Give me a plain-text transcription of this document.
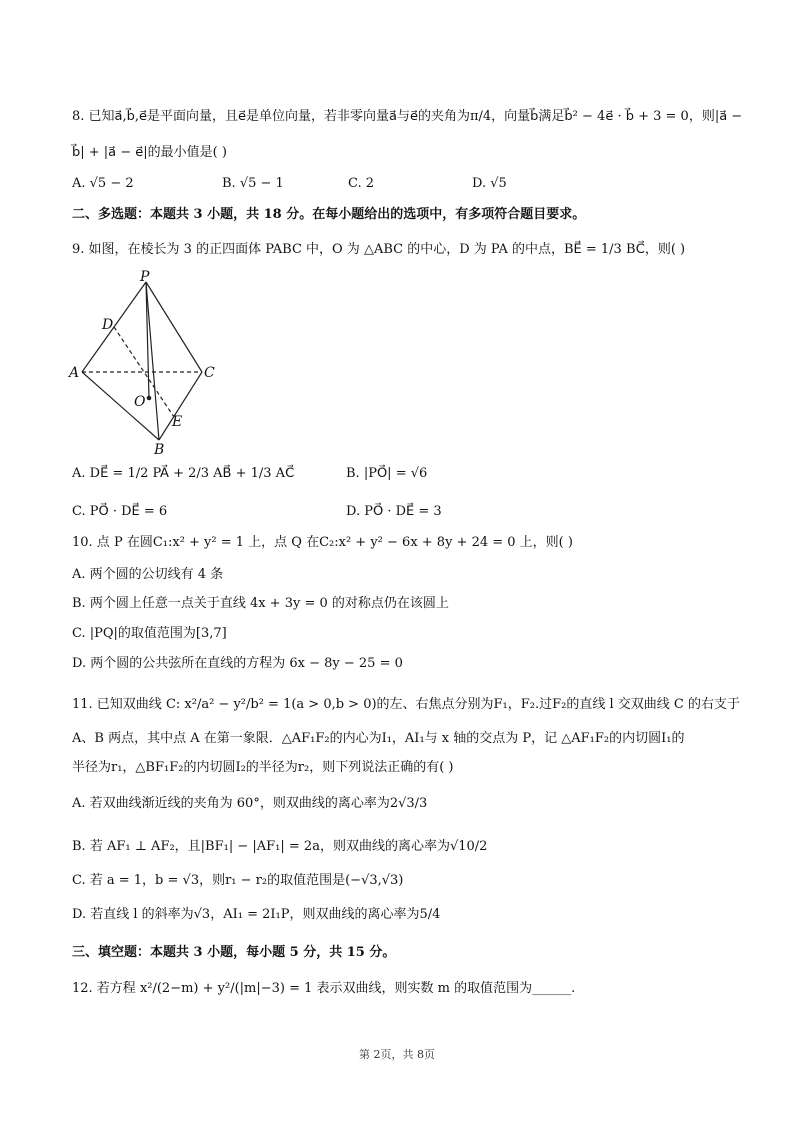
8. 已知a⃗,b⃗,e⃗是平面向量，且e⃗是单位向量，若非零向量a⃗与e⃗的夹角为π/4，向量b⃗满足b⃗² − 4e⃗ · b⃗ + 3 = 0，则|a⃗ −
b⃗| + |a⃗ − e⃗|的最小值是( )
A. √5 − 2	B. √5 − 1	C. 2	D. √5
二、多选题：本题共 3 小题，共 18 分。在每小题给出的选项中，有多项符合题目要求。
9. 如图，在棱长为 3 的正四面体 PABC 中，O 为 △ABC 的中心，D 为 PA 的中点，BE⃗ = 1/3 BC⃗，则( )
P
D
A	C
O
E
B
A. DE⃗ = 1/2 PA⃗ + 2/3 AB⃗ + 1/3 AC⃗	B. |PO⃗| = √6
C. PO⃗ · DE⃗ = 6	D. PO⃗ · DE⃗ = 3
10. 点 P 在圆C₁:x² + y² = 1 上，点 Q 在C₂:x² + y² − 6x + 8y + 24 = 0 上，则( )
A. 两个圆的公切线有 4 条
B. 两个圆上任意一点关于直线 4x + 3y = 0 的对称点仍在该圆上
C. |PQ|的取值范围为[3,7]
D. 两个圆的公共弦所在直线的方程为 6x − 8y − 25 = 0
11. 已知双曲线 C: x²/a² − y²/b² = 1(a > 0,b > 0)的左、右焦点分别为F₁，F₂.过F₂的直线 l 交双曲线 C 的右支于
A、B 两点，其中点 A 在第一象限．△AF₁F₂的内心为I₁，AI₁与 x 轴的交点为 P，记 △AF₁F₂的内切圆I₁的
半径为r₁，△BF₁F₂的内切圆I₂的半径为r₂，则下列说法正确的有( )
A. 若双曲线渐近线的夹角为 60°，则双曲线的离心率为2√3/3
B. 若 AF₁ ⊥ AF₂，且|BF₁| − |AF₁| = 2a，则双曲线的离心率为√10/2
C. 若 a = 1，b = √3，则r₁ − r₂的取值范围是(−√3,√3)
D. 若直线 l 的斜率为√3，AI₁ = 2I₁P，则双曲线的离心率为5/4
三、填空题：本题共 3 小题，每小题 5 分，共 15 分。
12. 若方程 x²/(2−m) + y²/(|m|−3) = 1 表示双曲线，则实数 m 的取值范围为______.
第 2页，共 8页
